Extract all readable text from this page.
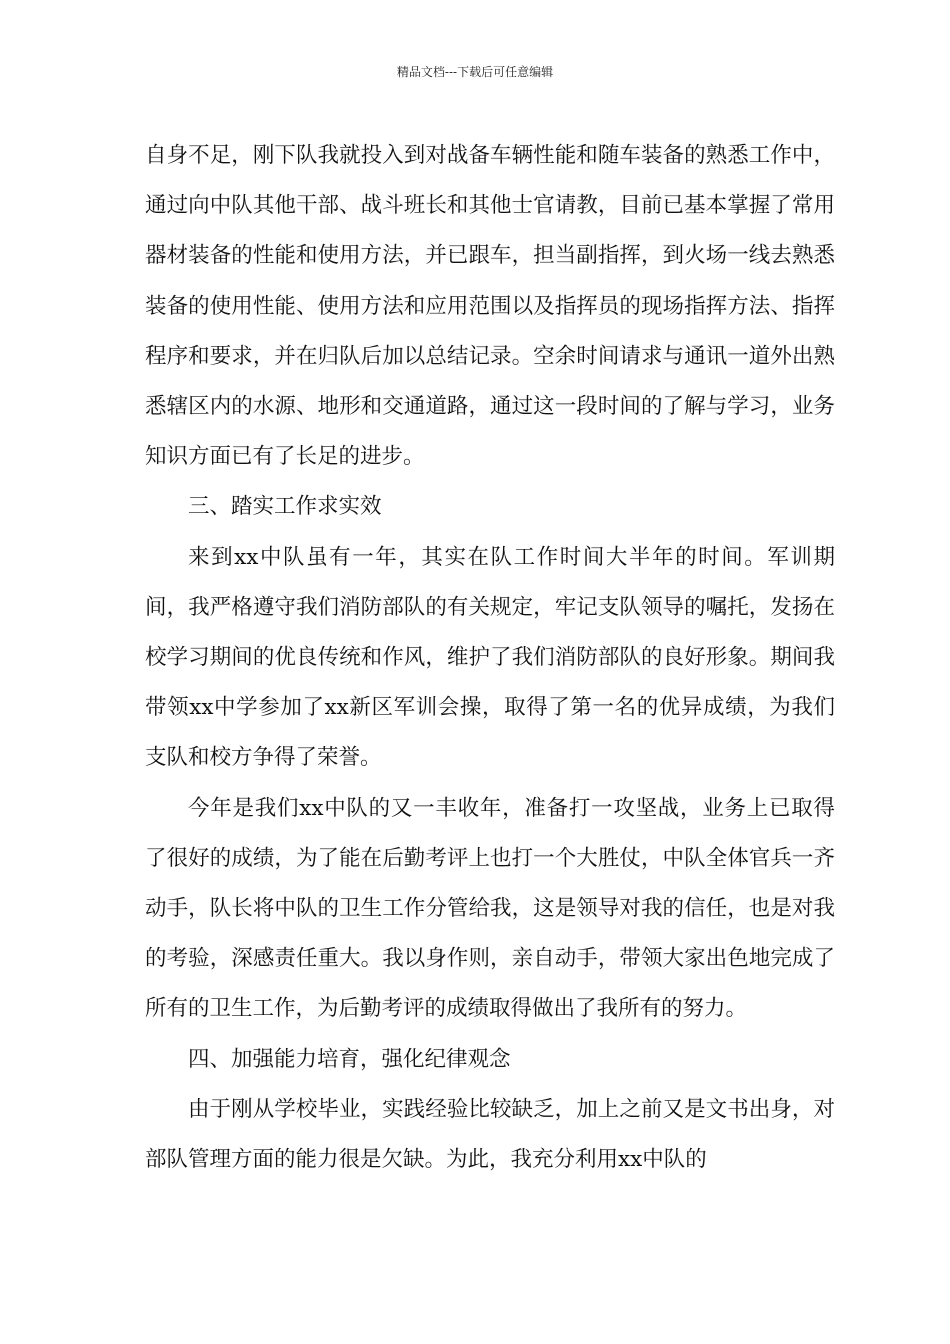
精品文档---下载后可任意编辑

自身不足，刚下队我就投入到对战备车辆性能和随车装备的熟悉工作中，通过向中队其他干部、战斗班长和其他士官请教，目前已基本掌握了常用器材装备的性能和使用方法，并已跟车，担当副指挥，到火场一线去熟悉装备的使用性能、使用方法和应用范围以及指挥员的现场指挥方法、指挥程序和要求，并在归队后加以总结记录。空余时间请求与通讯一道外出熟悉辖区内的水源、地形和交通道路，通过这一段时间的了解与学习，业务知识方面已有了长足的进步。

三、踏实工作求实效

来到xx中队虽有一年，其实在队工作时间大半年的时间。军训期间，我严格遵守我们消防部队的有关规定，牢记支队领导的嘱托，发扬在校学习期间的优良传统和作风，维护了我们消防部队的良好形象。期间我带领xx中学参加了xx新区军训会操，取得了第一名的优异成绩，为我们支队和校方争得了荣誉。

今年是我们xx中队的又一丰收年，准备打一攻坚战，业务上已取得了很好的成绩，为了能在后勤考评上也打一个大胜仗，中队全体官兵一齐动手，队长将中队的卫生工作分管给我，这是领导对我的信任，也是对我的考验，深感责任重大。我以身作则，亲自动手，带领大家出色地完成了所有的卫生工作，为后勤考评的成绩取得做出了我所有的努力。

四、加强能力培育，强化纪律观念

由于刚从学校毕业，实践经验比较缺乏，加上之前又是文书出身，对部队管理方面的能力很是欠缺。为此，我充分利用xx中队的
